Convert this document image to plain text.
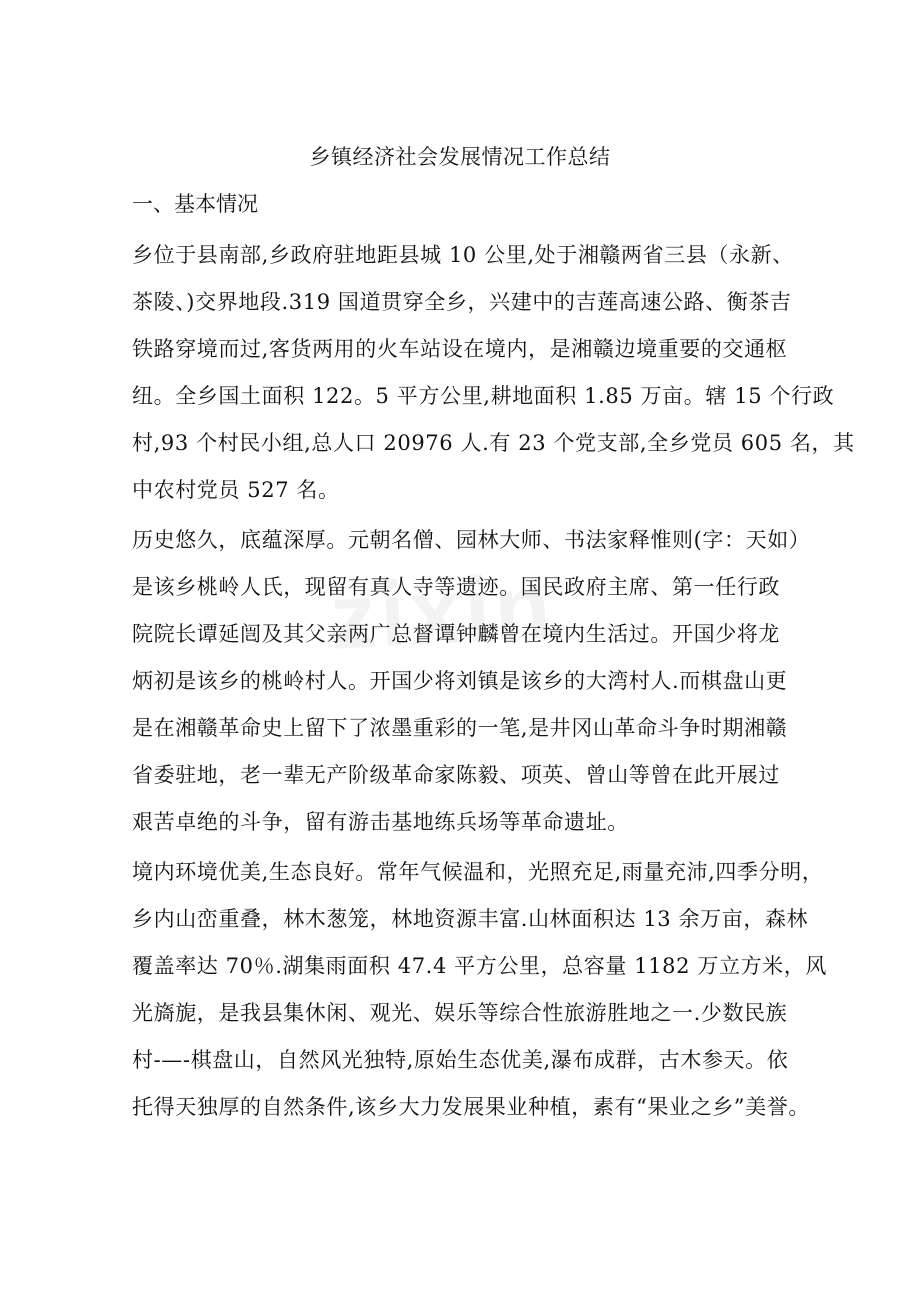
乡镇经济社会发展情况工作总结
一、基本情况
乡位于县南部,乡政府驻地距县城 10 公里,处于湘赣两省三县（永新、
茶陵、)交界地段.319 国道贯穿全乡，兴建中的吉莲高速公路、衡茶吉
铁路穿境而过,客货两用的火车站设在境内，是湘赣边境重要的交通枢
纽。全乡国土面积 122。5 平方公里,耕地面积 1.85 万亩。辖 15 个行政
村,93 个村民小组,总人口 20976 人.有 23 个党支部,全乡党员 605 名，其
中农村党员 527 名。
历史悠久，底蕴深厚。元朝名僧、园林大师、书法家释惟则(字：天如）
是该乡桃岭人氏，现留有真人寺等遗迹。国民政府主席、第一任行政
院院长谭延闿及其父亲两广总督谭钟麟曾在境内生活过。开国少将龙
炳初是该乡的桃岭村人。开国少将刘镇是该乡的大湾村人.而棋盘山更
是在湘赣革命史上留下了浓墨重彩的一笔,是井冈山革命斗争时期湘赣
省委驻地，老一辈无产阶级革命家陈毅、项英、曾山等曾在此开展过
艰苦卓绝的斗争，留有游击基地练兵场等革命遗址。
境内环境优美,生态良好。常年气候温和，光照充足,雨量充沛,四季分明，
乡内山峦重叠，林木葱笼，林地资源丰富.山林面积达 13 余万亩，森林
覆盖率达 70％.湖集雨面积 47.4 平方公里，总容量 1182 万立方米，风
光旖旎，是我县集休闲、观光、娱乐等综合性旅游胜地之一.少数民族
村-—-棋盘山，自然风光独特,原始生态优美,瀑布成群，古木参天。依
托得天独厚的自然条件,该乡大力发展果业种植，素有“果业之乡”美誉。
